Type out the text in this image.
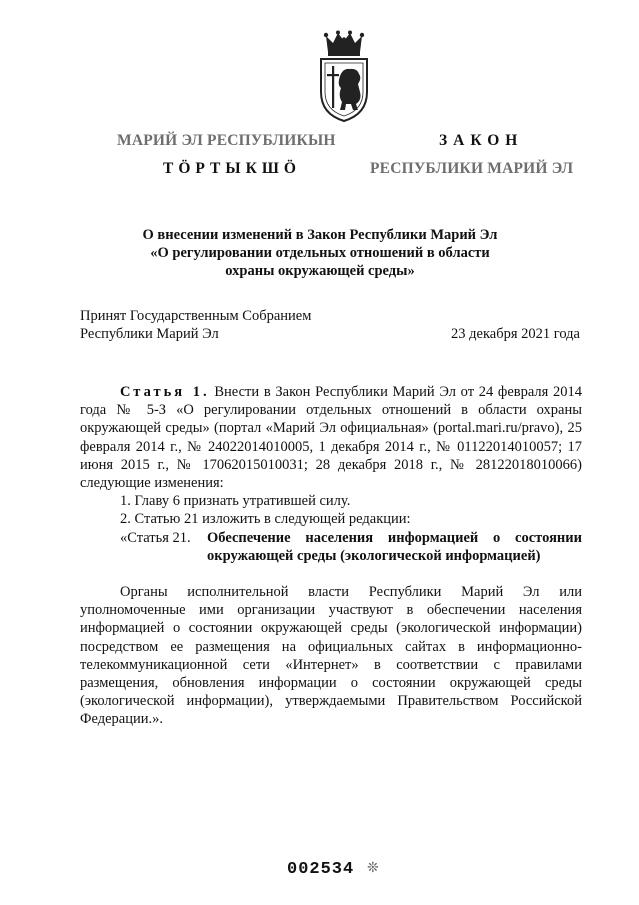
МАРИЙ ЭЛ РЕСПУБЛИКЫН
ТӦРТЫКШӦ
ЗАКОН
РЕСПУБЛИКИ МАРИЙ ЭЛ
О внесении изменений в Закон Республики Марий Эл
«О регулировании отдельных отношений в области
охраны окружающей среды»
Принят Государственным Собранием
Республики Марий Эл	23 декабря 2021 года

Статья 1. Внести в Закон Республики Марий Эл от 24 февраля 2014 года № 5-З «О регулировании отдельных отношений в области охраны окружающей среды» (портал «Марий Эл официальная» (portal.mari.ru/pravo), 25 февраля 2014 г., № 24022014010005, 1 декабря 2014 г., № 01122014010057; 17 июня 2015 г., № 17062015010031; 28 декабря 2018 г., № 28122018010066) следующие изменения:

1. Главу 6 признать утратившей силу.

2. Статью 21 изложить в следующей редакции:

«Статья 21.	Обеспечение населения информацией о состоянии окружающей среды (экологической информацией)

Органы исполнительной власти Республики Марий Эл или уполномоченные ими организации участвуют в обеспечении населения информацией о состоянии окружающей среды (экологической информации) посредством ее размещения на официальных сайтах в информационно-телекоммуникационной сети «Интернет» в соответствии с правилами размещения, обновления информации о состоянии окружающей среды (экологической информации), утверждаемыми Правительством Российской Федерации.».

002534 ❊
